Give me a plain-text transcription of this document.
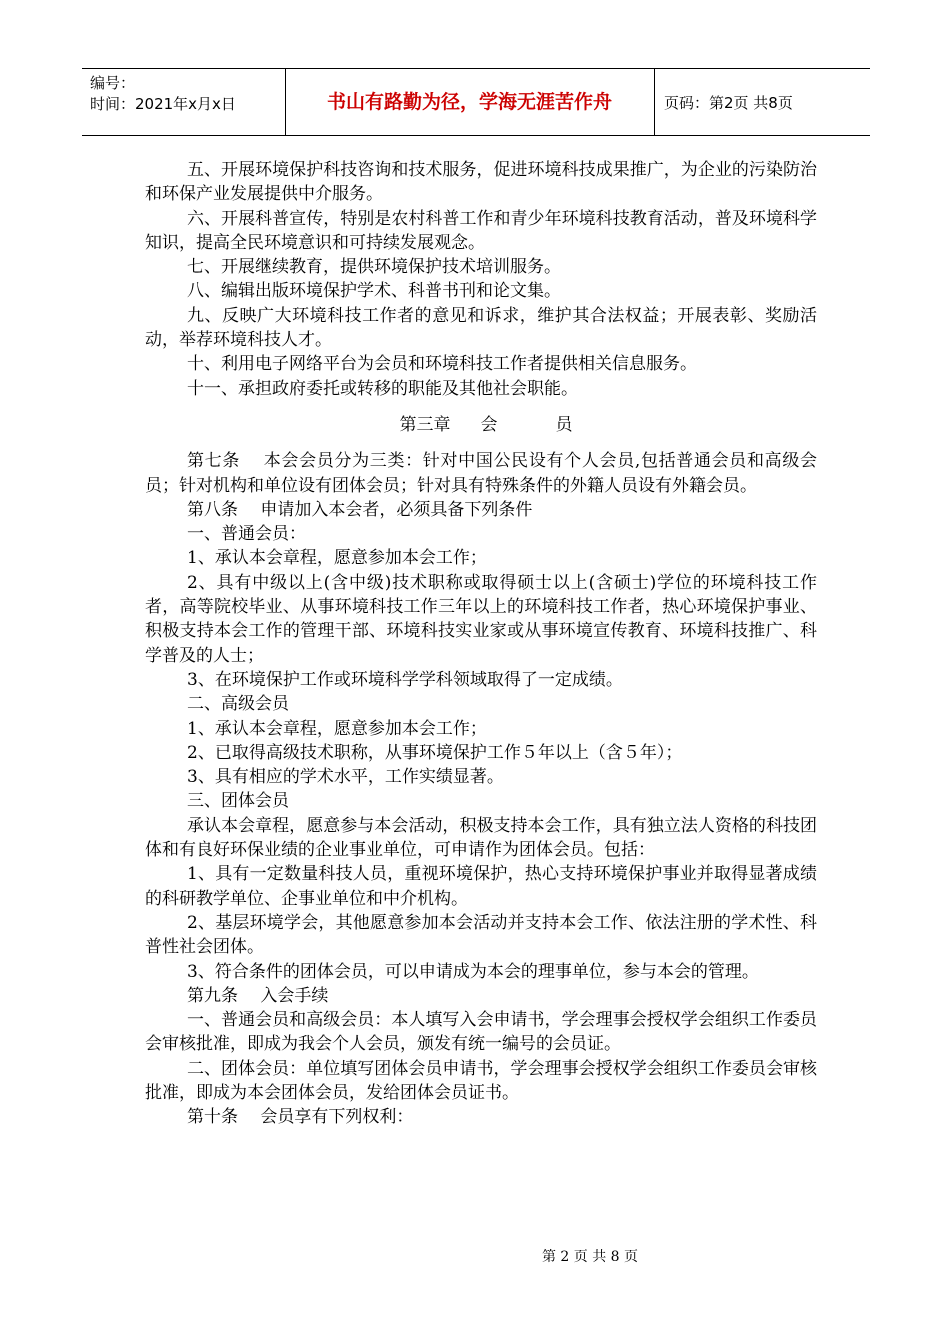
编号：
时间：2021年x月x日	书山有路勤为径，学海无涯苦作舟	页码：第2页 共8页

五、开展环境保护科技咨询和技术服务，促进环境科技成果推广，为企业的污染防治和环保产业发展提供中介服务。

六、开展科普宣传，特别是农村科普工作和青少年环境科技教育活动，普及环境科学知识，提高全民环境意识和可持续发展观念。

七、开展继续教育，提供环境保护技术培训服务。

八、编辑出版环境保护学术、科普书刊和论文集。

九、反映广大环境科技工作者的意见和诉求，维护其合法权益；开展表彰、奖励活动，举荐环境科技人才。

十、利用电子网络平台为会员和环境科技工作者提供相关信息服务。

十一、承担政府委托或转移的职能及其他社会职能。

第三章 会	员

第七条　 本会会员分为三类：针对中国公民设有个人会员,包括普通会员和高级会员；针对机构和单位设有团体会员；针对具有特殊条件的外籍人员设有外籍会员。

第八条　 申请加入本会者，必须具备下列条件

一、普通会员：

1、承认本会章程，愿意参加本会工作；

2、具有中级以上(含中级)技术职称或取得硕士以上(含硕士)学位的环境科技工作者，高等院校毕业、从事环境科技工作三年以上的环境科技工作者，热心环境保护事业、积极支持本会工作的管理干部、环境科技实业家或从事环境宣传教育、环境科技推广、科学普及的人士；

3、在环境保护工作或环境科学学科领域取得了一定成绩。

二、高级会员

1、承认本会章程，愿意参加本会工作；

2、已取得高级技术职称，从事环境保护工作５年以上（含５年）；

3、具有相应的学术水平，工作实绩显著。

三、团体会员

承认本会章程，愿意参与本会活动，积极支持本会工作，具有独立法人资格的科技团体和有良好环保业绩的企业事业单位，可申请作为团体会员。包括：

1、具有一定数量科技人员，重视环境保护，热心支持环境保护事业并取得显著成绩的科研教学单位、企事业单位和中介机构。

2、基层环境学会，其他愿意参加本会活动并支持本会工作、依法注册的学术性、科普性社会团体。

3、符合条件的团体会员，可以申请成为本会的理事单位，参与本会的管理。

第九条　 入会手续

一、普通会员和高级会员：本人填写入会申请书，学会理事会授权学会组织工作委员会审核批准，即成为我会个人会员，颁发有统一编号的会员证。

二、团体会员：单位填写团体会员申请书，学会理事会授权学会组织工作委员会审核批准，即成为本会团体会员，发给团体会员证书。

第十条　 会员享有下列权利：

第 2 页 共 8 页
